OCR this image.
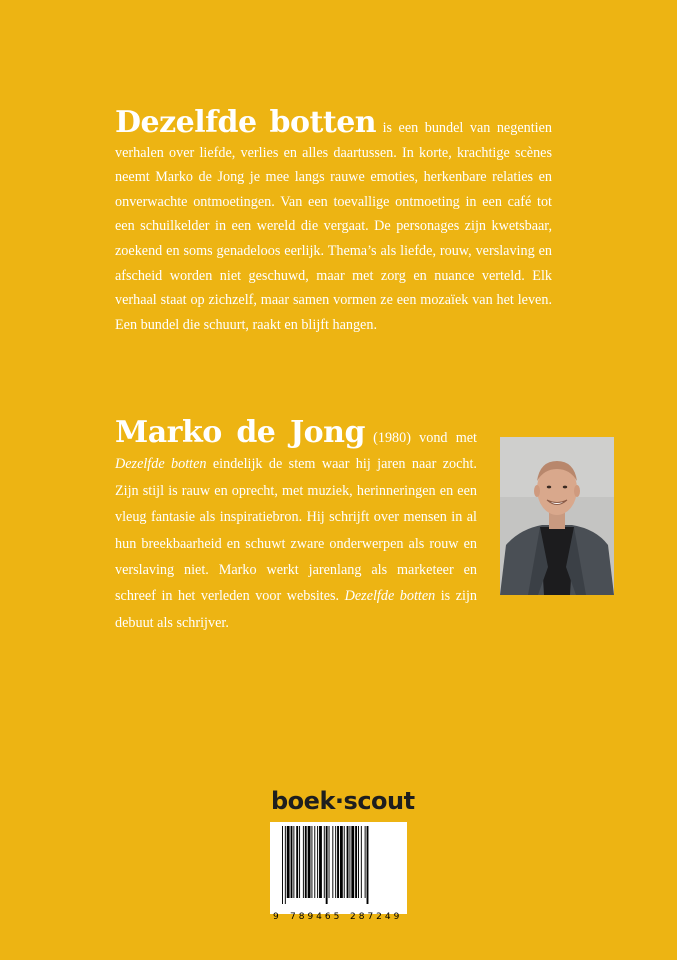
Dezelfde botten is een bundel van negentien verhalen over liefde, verlies en alles daartussen. In korte, krachtige scènes neemt Marko de Jong je mee langs rauwe emoties, herkenbare relaties en onverwachte ontmoetingen. Van een toevallige ontmoeting in een café tot een schuilkelder in een wereld die vergaat. De personages zijn kwetsbaar, zoekend en soms genadeloos eerlijk. Thema’s als liefde, rouw, verslaving en afscheid worden niet geschuwd, maar met zorg en nuance verteld. Elk verhaal staat op zichzelf, maar samen vormen ze een mozaïek van het leven. Een bundel die schuurt, raakt en blijft hangen.
Marko de Jong (1980) vond met Dezelfde botten eindelijk de stem waar hij jaren naar zocht. Zijn stijl is rauw en oprecht, met muziek, herinneringen en een vleug fantasie als inspiratiebron. Hij schrijft over mensen in al hun breekbaarheid en schuwt zware onderwerpen als rouw en verslaving niet. Marko werkt jarenlang als marketeer en schreef in het verleden voor websites. Dezelfde botten is zijn debuut als schrijver.
boek·scout
9 789465 287249
